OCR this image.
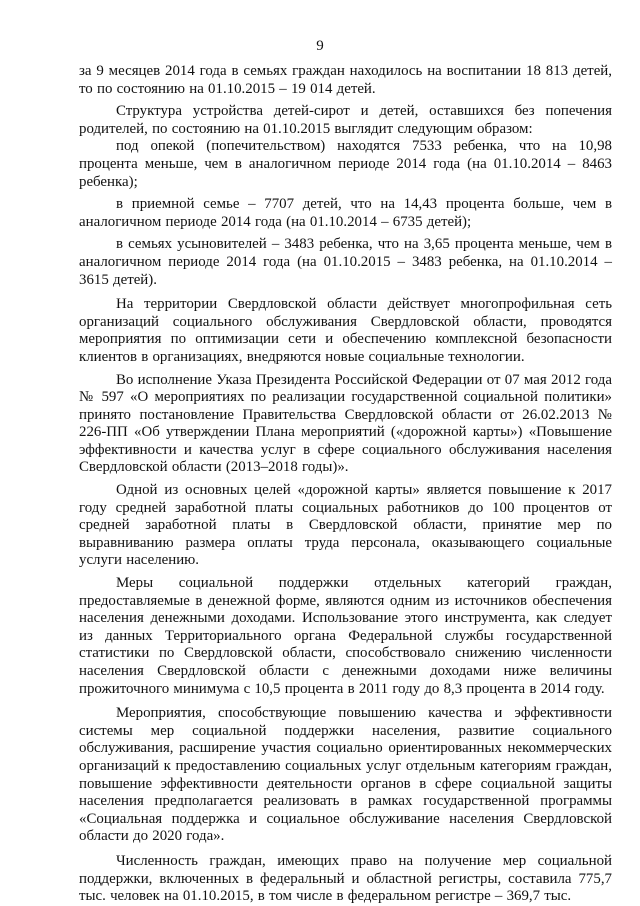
9

за 9 месяцев 2014 года в семьях граждан находилось на воспитании 18 813 детей, то по состоянию на 01.10.2015 – 19 014 детей.

Структура устройства детей-сирот и детей, оставшихся без попечения родителей, по состоянию на 01.10.2015 выглядит следующим образом:

под опекой (попечительством) находятся 7533 ребенка, что на 10,98 процента меньше, чем в аналогичном периоде 2014 года (на 01.10.2014 – 8463 ребенка);

в приемной семье – 7707 детей, что на 14,43 процента больше, чем в аналогичном периоде 2014 года (на 01.10.2014 – 6735 детей);

в семьях усыновителей – 3483 ребенка, что на 3,65 процента меньше, чем в аналогичном периоде 2014 года (на 01.10.2015 – 3483 ребенка, на 01.10.2014 – 3615 детей).

На территории Свердловской области действует многопрофильная сеть организаций социального обслуживания Свердловской области, проводятся мероприятия по оптимизации сети и обеспечению комплексной безопасности клиентов в организациях, внедряются новые социальные технологии.

Во исполнение Указа Президента Российской Федерации от 07 мая 2012 года № 597 «О мероприятиях по реализации государственной социальной политики» принято постановление Правительства Свердловской области от 26.02.2013 № 226-ПП «Об утверждении Плана мероприятий («дорожной карты») «Повышение эффективности и качества услуг в сфере социального обслуживания населения Свердловской области (2013–2018 годы)».

Одной из основных целей «дорожной карты» является повышение к 2017 году средней заработной платы социальных работников до 100 процентов от средней заработной платы в Свердловской области, принятие мер по выравниванию размера оплаты труда персонала, оказывающего социальные услуги населению.

Меры социальной поддержки отдельных категорий граждан, предоставляемые в денежной форме, являются одним из источников обеспечения населения денежными доходами. Использование этого инструмента, как следует из данных Территориального органа Федеральной службы государственной статистики по Свердловской области, способствовало снижению численности населения Свердловской области с денежными доходами ниже величины прожиточного минимума с 10,5 процента в 2011 году до 8,3 процента в 2014 году.

Мероприятия, способствующие повышению качества и эффективности системы мер социальной поддержки населения, развитие социального обслуживания, расширение участия социально ориентированных некоммерческих организаций к предоставлению социальных услуг отдельным категориям граждан, повышение эффективности деятельности органов в сфере социальной защиты населения предполагается реализовать в рамках государственной программы «Социальная поддержка и социальное обслуживание населения Свердловской области до 2020 года».

Численность граждан, имеющих право на получение мер социальной поддержки, включенных в федеральный и областной регистры, составила 775,7 тыс. человек на 01.10.2015, в том числе в федеральном регистре – 369,7 тыс.
